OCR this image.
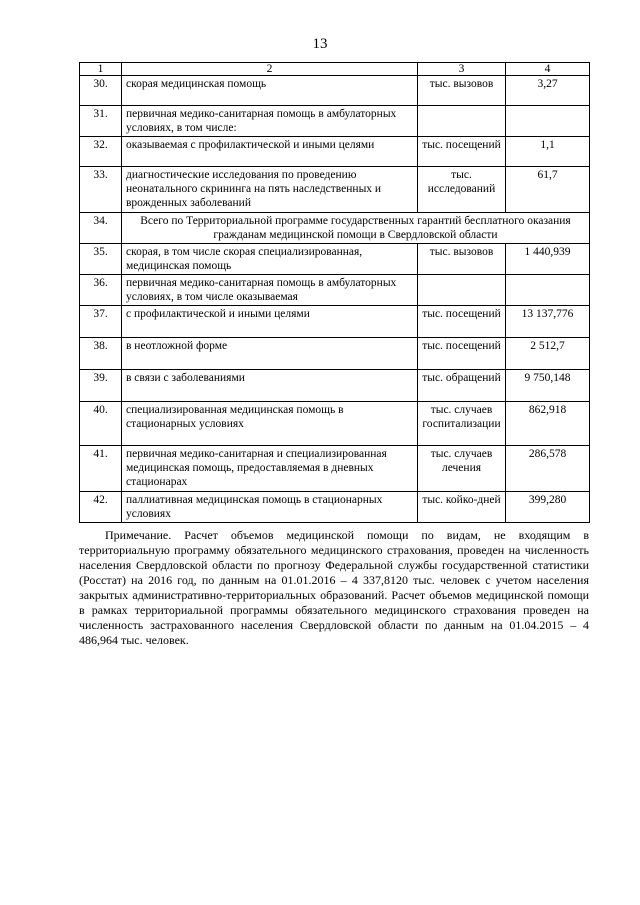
13
1	2	3	4
30.	скорая медицинская помощь	тыс. вызовов	3,27
31.	первичная медико-санитарная помощь в амбулаторных условиях, в том числе:		
32.	оказываемая с профилактической и иными целями	тыс. посещений	1,1
33.	диагностические исследования по проведению неонатального скрининга на пять наследственных и врожденных заболеваний	тыс. исследований	61,7
34.	Всего по Территориальной программе государственных гарантий бесплатного оказания гражданам медицинской помощи в Свердловской области		
35.	скорая, в том числе скорая специализированная, медицинская помощь	тыс. вызовов	1 440,939
36.	первичная медико-санитарная помощь в амбулаторных условиях, в том числе оказываемая		
37.	с профилактической и иными целями	тыс. посещений	13 137,776
38.	в неотложной форме	тыс. посещений	2 512,7
39.	в связи с заболеваниями	тыс. обращений	9 750,148
40.	специализированная медицинская помощь в стационарных условиях	тыс. случаев госпитализации	862,918
41.	первичная медико-санитарная и специализированная медицинская помощь, предоставляемая в дневных стационарах	тыс. случаев лечения	286,578
42.	паллиативная медицинская помощь в стационарных условиях	тыс. койко-дней	399,280
Примечание. Расчет объемов медицинской помощи по видам, не входящим в территориальную программу обязательного медицинского страхования, проведен на численность населения Свердловской области по прогнозу Федеральной службы государственной статистики (Росстат) на 2016 год, по данным на 01.01.2016 – 4 337,8120 тыс. человек с учетом населения закрытых административно-территориальных образований. Расчет объемов медицинской помощи в рамках территориальной программы обязательного медицинского страхования проведен на численность застрахованного населения Свердловской области по данным на 01.04.2015 – 4 486,964 тыс. человек.
